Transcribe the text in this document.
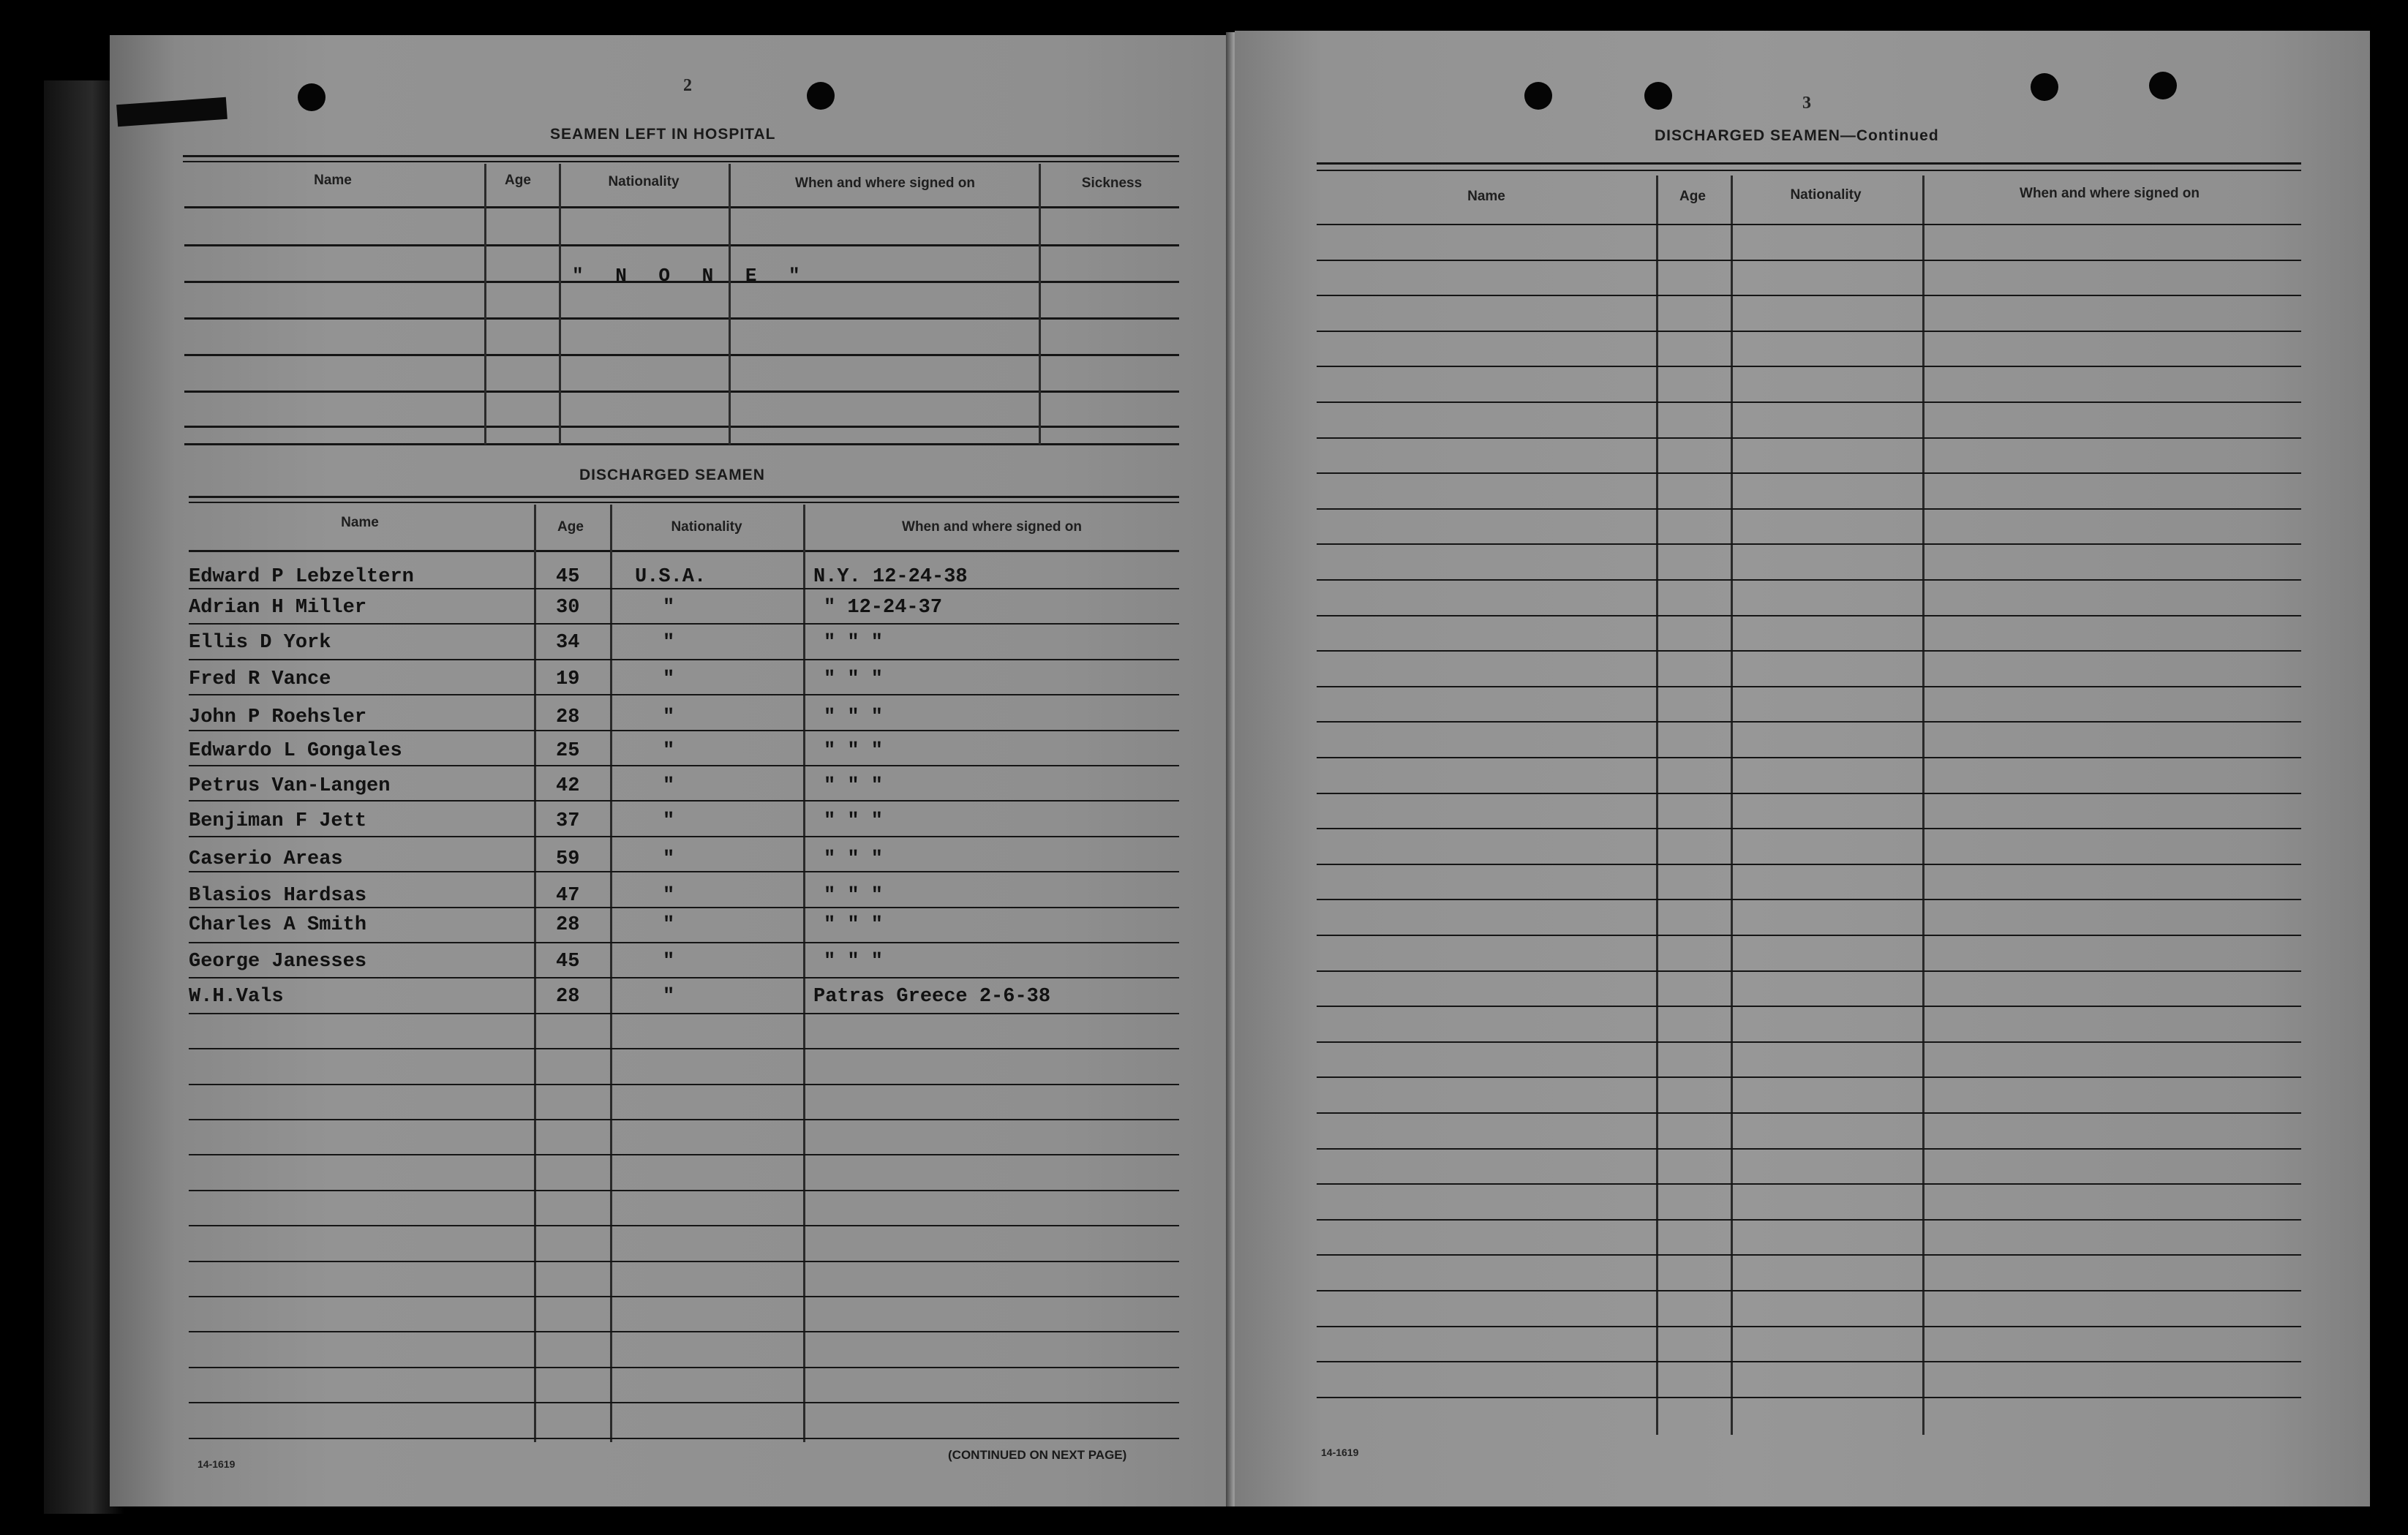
2
SEAMEN LEFT IN HOSPITAL
Name	Age	Nationality	When and where signed on	Sickness
" N O N E "
DISCHARGED SEAMEN
Name	Age	Nationality	When and where signed on
Edward P Lebzeltern	45	U.S.A.	N.Y. 12-24-38
Adrian H Miller	30	"	" 12-24-37
Ellis D York	34	"	" " "
Fred R Vance	19	"	" " "
John P Roehsler	28	"	" " "
Edwardo L Gongales	25	"	" " "
Petrus Van-Langen	42	"	" " "
Benjiman F Jett	37	"	" " "
Caserio Areas	59	"	" " "
Blasios Hardsas	47	"	" " "
Charles A Smith	28	"	" " "
George Janesses	45	"	" " "
W.H.Vals	28	"	Patras Greece 2-6-38
14-1619
(CONTINUED ON NEXT PAGE)
3
DISCHARGED SEAMEN—Continued
Name	Age	Nationality	When and where signed on
14-1619
